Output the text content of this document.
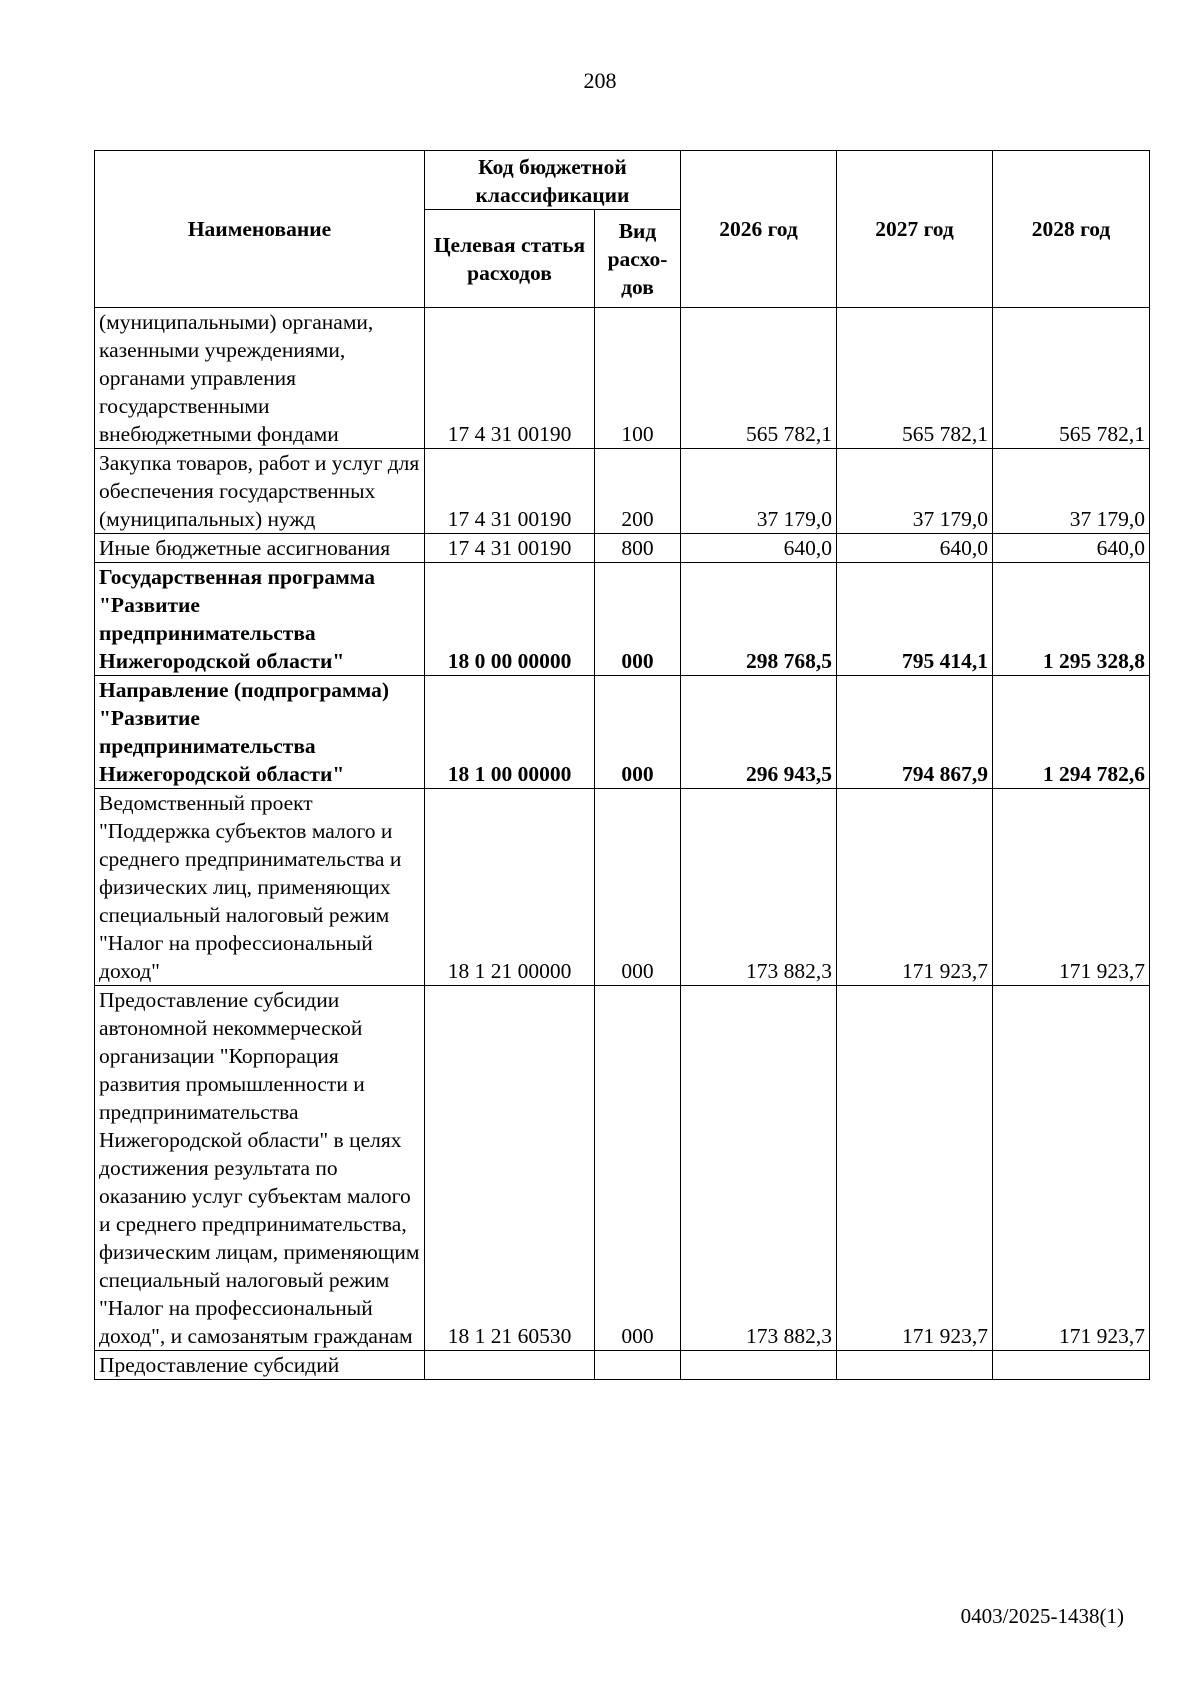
208
Наименование	Код бюджетной классификации		2026 год	2027 год	2028 год
	Целевая статья расходов	Вид расхо-дов			
(муниципальными) органами, казенными учреждениями, органами управления государственными внебюджетными фондами	17 4 31 00190	100	565 782,1	565 782,1	565 782,1
Закупка товаров, работ и услуг для обеспечения государственных (муниципальных) нужд	17 4 31 00190	200	37 179,0	37 179,0	37 179,0
Иные бюджетные ассигнования	17 4 31 00190	800	640,0	640,0	640,0
Государственная программа "Развитие предпринимательства Нижегородской области"	18 0 00 00000	000	298 768,5	795 414,1	1 295 328,8
Направление (подпрограмма) "Развитие предпринимательства Нижегородской области"	18 1 00 00000	000	296 943,5	794 867,9	1 294 782,6
Ведомственный проект "Поддержка субъектов малого и среднего предпринимательства и физических лиц, применяющих специальный налоговый режим "Налог на профессиональный доход"	18 1 21 00000	000	173 882,3	171 923,7	171 923,7
Предоставление субсидии автономной некоммерческой организации "Корпорация развития промышленности и предпринимательства Нижегородской области" в целях достижения результата по оказанию услуг субъектам малого и среднего предпринимательства, физическим лицам, применяющим специальный налоговый режим "Налог на профессиональный доход", и самозанятым гражданам	18 1 21 60530	000	173 882,3	171 923,7	171 923,7
Предоставление субсидий					
0403/2025-1438(1)
